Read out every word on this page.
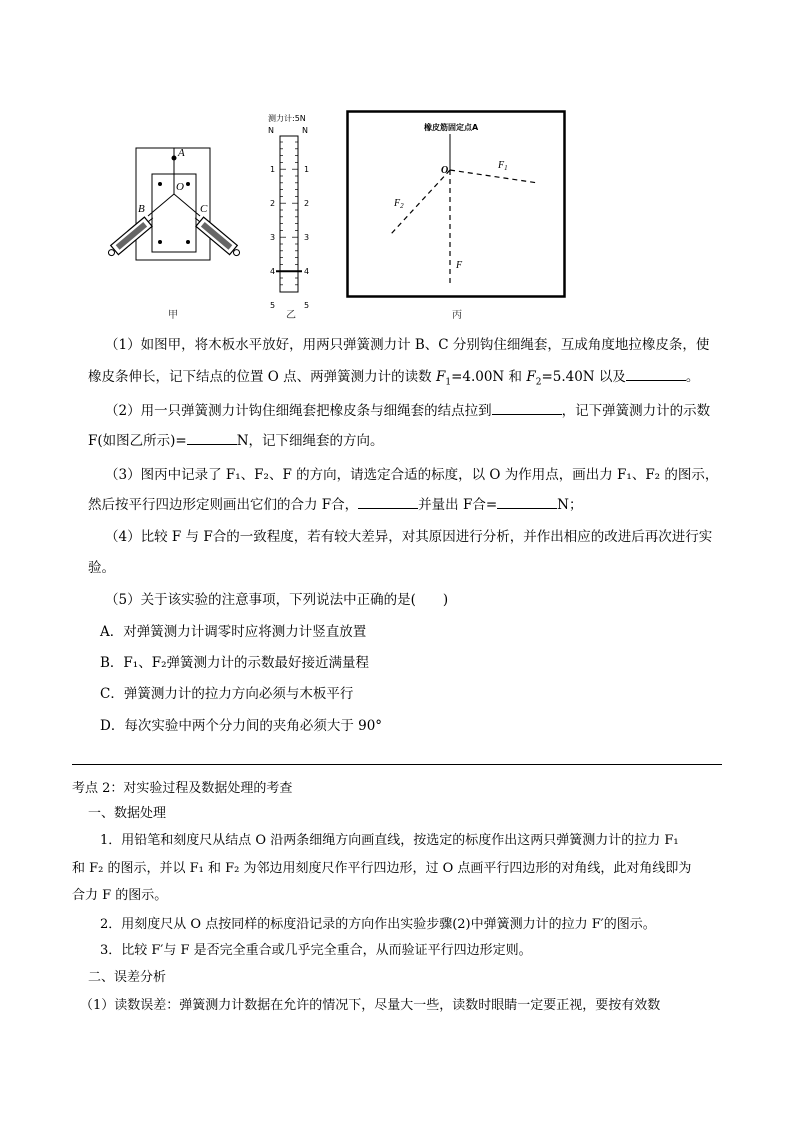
A
O
B	C
甲
测力计:5N
N	N
1	1
2	2
3	3
4	4
5	5
乙
橡皮筋固定点A
O	$F_1$
$F_2$
F
丙
（1）如图甲，将木板水平放好，用两只弹簧测力计 B、C 分别钩住细绳套，互成角度地拉橡皮条，使
橡皮条伸长，记下结点的位置 O 点、两弹簧测力计的读数 $F_1=4.00N$ 和 $F_2=5.40N$ 以及	。
（2）用一只弹簧测力计钩住细绳套把橡皮条与细绳套的结点拉到	，记下弹簧测力计的示数
F(如图乙所示)=	N，记下细绳套的方向。
（3）图丙中记录了 F₁、F₂、F 的方向，请选定合适的标度，以 O 为作用点，画出力 F₁、F₂ 的图示，
然后按平行四边形定则画出它们的合力 F合，	并量出 F合=	N；
（4）比较 F 与 F合的一致程度，若有较大差异，对其原因进行分析，并作出相应的改进后再次进行实
验。
（5）关于该实验的注意事项，下列说法中正确的是(　　)
A．对弹簧测力计调零时应将测力计竖直放置
B．F₁、F₂弹簧测力计的示数最好接近满量程
C．弹簧测力计的拉力方向必须与木板平行
D．每次实验中两个分力间的夹角必须大于 90°
考点 2：对实验过程及数据处理的考查
一、数据处理
1．用铅笔和刻度尺从结点 O 沿两条细绳方向画直线，按选定的标度作出这两只弹簧测力计的拉力 F₁
和 F₂ 的图示，并以 F₁ 和 F₂ 为邻边用刻度尺作平行四边形，过 O 点画平行四边形的对角线，此对角线即为
合力 F 的图示。
2．用刻度尺从 O 点按同样的标度沿记录的方向作出实验步骤(2)中弹簧测力计的拉力 F′的图示。
3．比较 F′与 F 是否完全重合或几乎完全重合，从而验证平行四边形定则。
二、误差分析
（1）读数误差：弹簧测力计数据在允许的情况下，尽量大一些，读数时眼睛一定要正视，要按有效数
